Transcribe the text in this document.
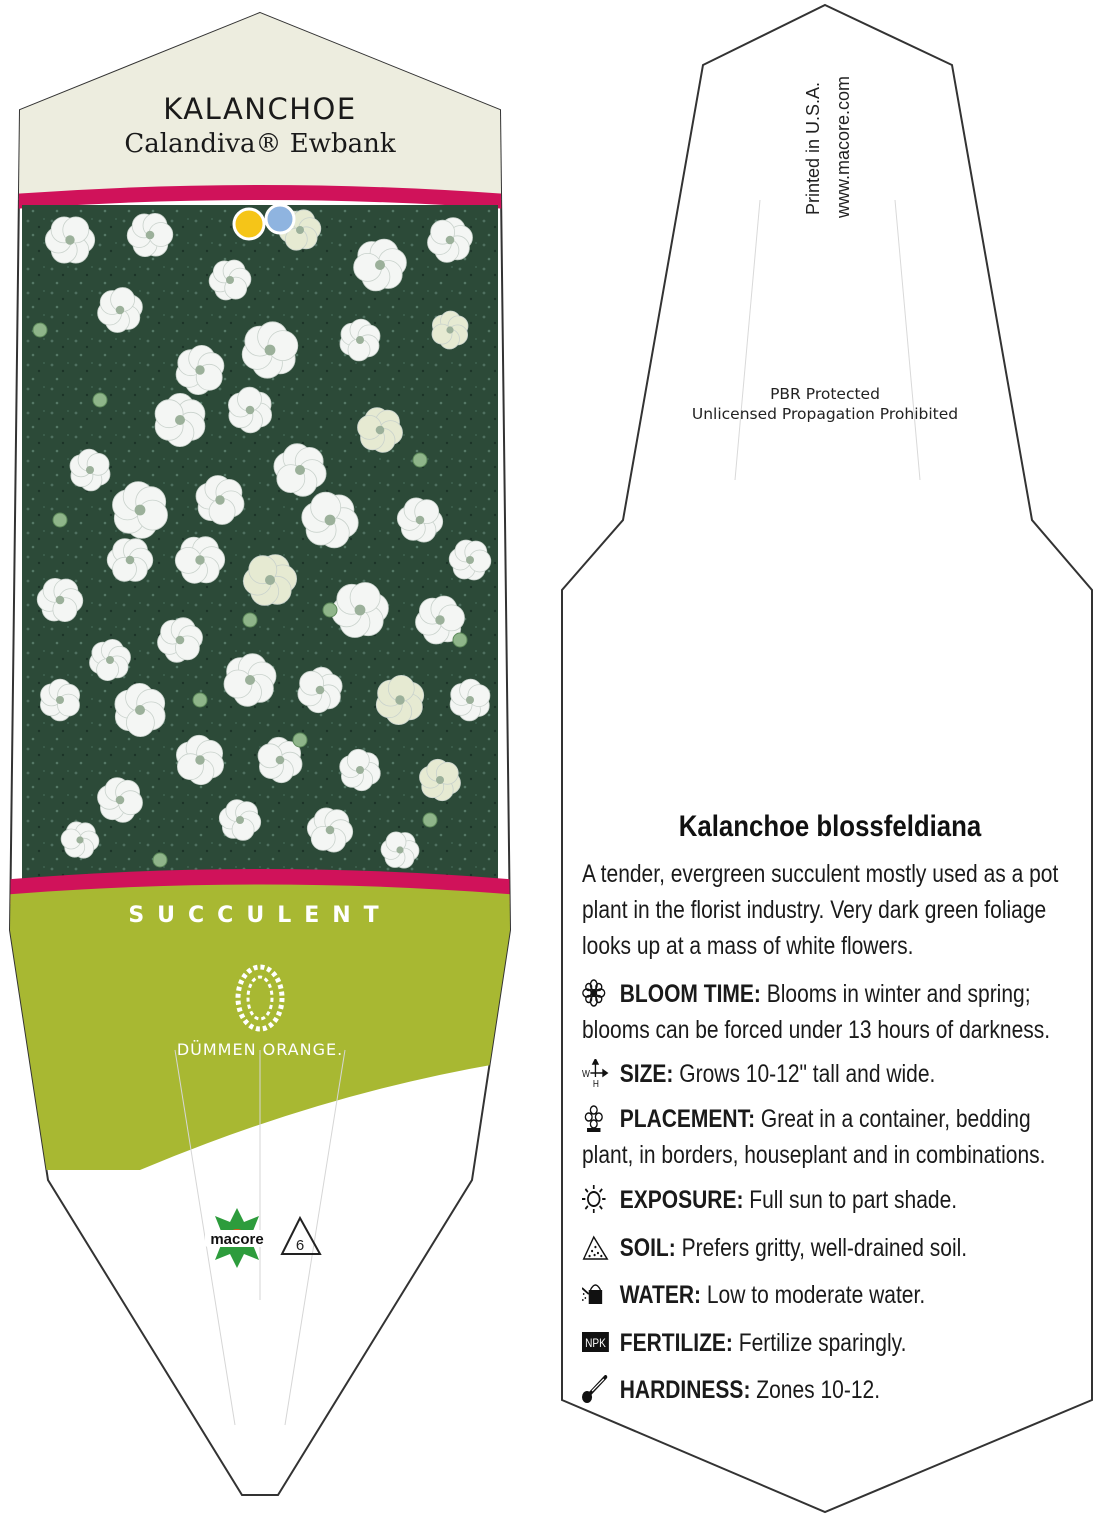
macore 6
KALANCHOE
Calandiva® Ewbank
SUCCULENT
DÜMMEN ORANGE.
Printed in U.S.A. www.macore.com
PBR Protected
Unlicensed Propagation Prohibited
Kalanchoe blossfeldiana
A tender, evergreen succulent mostly used as a pot plant in the florist industry. Very dark green foliage looks up at a mass of white flowers.
BLOOM TIME: Blooms in winter and spring; blooms can be forced under 13 hours of darkness.
W
H SIZE: Grows 10-12" tall and wide.
PLACEMENT: Great in a container, bedding plant, in borders, houseplant and in combinations.
EXPOSURE: Full sun to part shade.
SOIL: Prefers gritty, well-drained soil.
WATER: Low to moderate water.
NPK FERTILIZE: Fertilize sparingly.
HARDINESS: Zones 10-12.
